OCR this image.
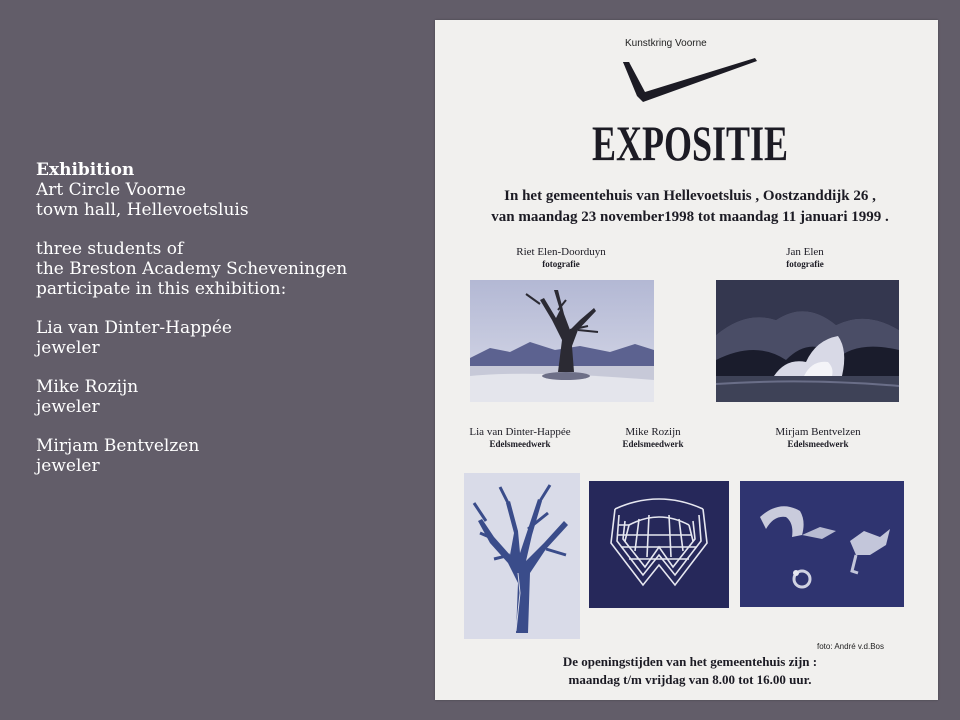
Exhibition
Art Circle Voorne
town hall, Hellevoetsluis
three students of
the Breston Academy Scheveningen
participate in this exhibition:
Lia van Dinter-Happée
jeweler
Mike Rozijn
jeweler
Mirjam Bentvelzen
jeweler
Kunstkring Voorne
EXPOSITIE
In het gemeentehuis van Hellevoetsluis , Oostzanddijk 26 ,
van maandag 23 november1998 tot maandag 11 januari 1999 .
Riet Elen-Doorduyn
fotografie
Jan Elen
fotografie
Lia van Dinter-Happée
Edelsmeedwerk
Mike Rozijn
Edelsmeedwerk
Mirjam Bentvelzen
Edelsmeedwerk
foto: André v.d.Bos
De openingstijden van het gemeentehuis zijn :
maandag t/m vrijdag van 8.00 tot 16.00 uur.
